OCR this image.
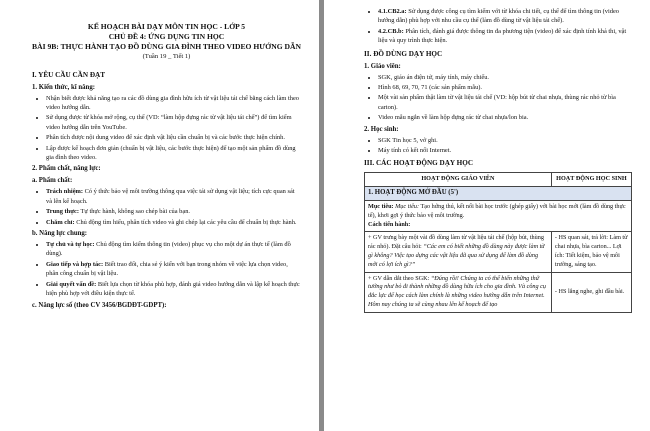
KẾ HOẠCH BÀI DẠY MÔN TIN HỌC - LỚP 5
CHỦ ĐỀ 4: ỨNG DỤNG TIN HỌC
BÀI 9B: THỰC HÀNH TẠO ĐỒ DÙNG GIA ĐÌNH THEO VIDEO HƯỚNG DẪN
(Tuần 19 _ Tiết 1)
I. YÊU CẦU CẦN ĐẠT
1. Kiến thức, kĩ năng:
• Nhận biết được khả năng tạo ra các đồ dùng gia đình hữu ích từ vật liệu tái chế bằng cách làm theo video hướng dẫn.
• Sử dụng được từ khóa mở rộng, cụ thể (VD: “làm hộp đựng rác từ vật liệu tái chế”) để tìm kiếm video hướng dẫn trên YouTube.
• Phân tích được nội dung video để xác định vật liệu cần chuẩn bị và các bước thực hiện chính.
• Lập được kế hoạch đơn giản (chuẩn bị vật liệu, các bước thực hiện) để tạo một sản phẩm đồ dùng gia đình theo video.
2. Phẩm chất, năng lực:
a. Phẩm chất:
• Trách nhiệm: Có ý thức bảo vệ môi trường thông qua việc tái sử dụng vật liệu; tích cực quan sát và lên kế hoạch.
• Trung thực: Tự thực hành, không sao chép bài của bạn.
• Chăm chỉ: Chủ động tìm hiểu, phân tích video và ghi chép lại các yêu cầu để chuẩn bị thực hành.
b. Năng lực chung:
• Tự chủ và tự học: Chủ động tìm kiếm thông tin (video) phục vụ cho một dự án thực tế (làm đồ dùng).
• Giao tiếp và hợp tác: Biết trao đổi, chia sẻ ý kiến với bạn trong nhóm về việc lựa chọn video, phân công chuẩn bị vật liệu.
• Giải quyết vấn đề: Biết lựa chọn từ khóa phù hợp, đánh giá video hướng dẫn và lập kế hoạch thực hiện phù hợp với điều kiện thực tế.
c. Năng lực số (theo CV 3456/BGDĐT-GDPT):
• 4.1.CB2.a: Sử dụng được công cụ tìm kiếm với từ khóa chi tiết, cụ thể để tìm thông tin (video hướng dẫn) phù hợp với nhu cầu cụ thể (làm đồ dùng từ vật liệu tái chế).
• 4.2.CB.b: Phân tích, đánh giá được thông tin đa phương tiện (video) để xác định tính khả thi, vật liệu và quy trình thực hiện.
II. ĐỒ DÙNG DẠY HỌC
1. Giáo viên:
• SGK, giáo án điện tử, máy tính, máy chiếu.
• Hình 68, 69, 70, 71 (các sản phẩm mẫu).
• Một vài sản phẩm thật làm từ vật liệu tái chế (VD: hộp bút từ chai nhựa, thùng rác nhỏ từ bìa carton).
• Video mẫu ngắn về làm hộp đựng rác từ chai nhựa/lon bia.
2. Học sinh:
• SGK Tin học 5, vở ghi.
• Máy tính có kết nối Internet.
III. CÁC HOẠT ĐỘNG DẠY HỌC
HOẠT ĐỘNG GIÁO VIÊN	HOẠT ĐỘNG HỌC SINH
1. HOẠT ĐỘNG MỞ ĐẦU (5')	
Mục tiêu: Mục tiêu: Tạo hứng thú, kết nối bài học trước (ghép giấy) với bài học mới (làm đồ dùng thực tế), khơi gợi ý thức bảo vệ môi trường.
Cách tiến hành:	
+ GV trưng bày một vài đồ dùng làm từ vật liệu tái chế (hộp bút, thùng rác nhỏ). Đặt câu hỏi: “Các em có biết những đồ dùng này được làm từ gì không? Việc tạo dựng các vật liệu đã qua sử dụng để làm đồ dùng mới có lợi ích gì?”	- HS quan sát, trả lời: Làm từ chai nhựa, bìa carton... Lợi ích: Tiết kiệm, bảo vệ môi trường, sáng tạo.
+ GV dẫn dắt theo SGK: “Đúng rồi! Chúng ta có thể biến những thứ tưởng như bỏ đi thành những đồ dùng hữu ích cho gia đình. Và công cụ đắc lực để học cách làm chính là những video hướng dẫn trên Internet. Hôm nay chúng ta sẽ cùng nhau lên kế hoạch để tạo	- HS lắng nghe, ghi đầu bài.
